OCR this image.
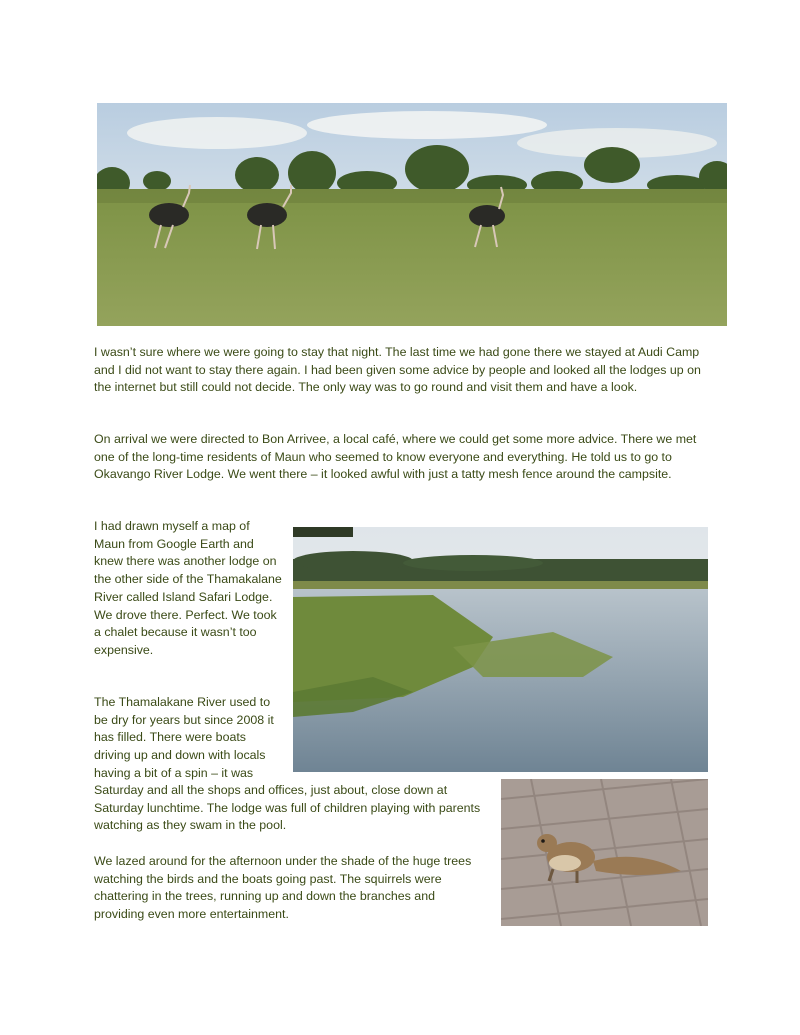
I wasn’t sure where we were going to stay that night. The last time we had gone there we stayed at Audi Camp and I did not want to stay there again. I had been given some advice by people and looked all the lodges up on the internet but still could not decide. The only way was to go round and visit them and have a look.

On arrival we were directed to Bon Arrivee, a local café, where we could get some more advice. There we met one of the long-time residents of Maun who seemed to know everyone and everything. He told us to go to Okavango River Lodge. We went there – it looked awful with just a tatty mesh fence around the campsite.

I had drawn myself a map of Maun from Google Earth and knew there was another lodge on the other side of the Thamakalane River called Island Safari Lodge. We drove there. Perfect. We took a chalet because it wasn’t too expensive.

The Thamalakane River used to be dry for years but since 2008 it has filled. There were boats driving up and down with locals having a bit of a spin – it was

Saturday and all the shops and offices, just about, close down at Saturday lunchtime. The lodge was full of children playing with parents watching as they swam in the pool.

We lazed around for the afternoon under the shade of the huge trees watching the birds and the boats going past. The squirrels were chattering in the trees, running up and down the branches and providing even more entertainment.
